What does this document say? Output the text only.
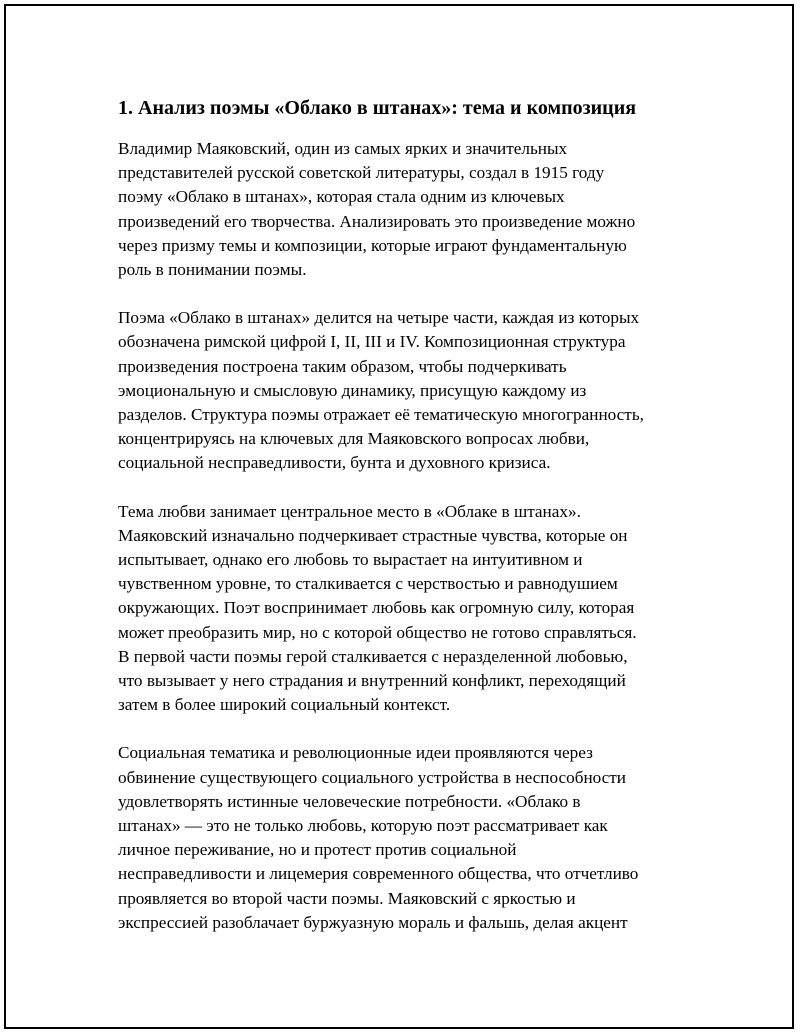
1. Анализ поэмы «Облако в штанах»: тема и композиция
Владимир Маяковский, один из самых ярких и значительных
представителей русской советской литературы, создал в 1915 году
поэму «Облако в штанах», которая стала одним из ключевых
произведений его творчества. Анализировать это произведение можно
через призму темы и композиции, которые играют фундаментальную
роль в понимании поэмы.
Поэма «Облако в штанах» делится на четыре части, каждая из которых
обозначена римской цифрой I, II, III и IV. Композиционная структура
произведения построена таким образом, чтобы подчеркивать
эмоциональную и смысловую динамику, присущую каждому из
разделов. Структура поэмы отражает её тематическую многогранность,
концентрируясь на ключевых для Маяковского вопросах любви,
социальной несправедливости, бунта и духовного кризиса.
Тема любви занимает центральное место в «Облаке в штанах».
Маяковский изначально подчеркивает страстные чувства, которые он
испытывает, однако его любовь то вырастает на интуитивном и
чувственном уровне, то сталкивается с черствостью и равнодушием
окружающих. Поэт воспринимает любовь как огромную силу, которая
может преобразить мир, но с которой общество не готово справляться.
В первой части поэмы герой сталкивается с неразделенной любовью,
что вызывает у него страдания и внутренний конфликт, переходящий
затем в более широкий социальный контекст.
Социальная тематика и революционные идеи проявляются через
обвинение существующего социального устройства в неспособности
удовлетворять истинные человеческие потребности. «Облако в
штанах» — это не только любовь, которую поэт рассматривает как
личное переживание, но и протест против социальной
несправедливости и лицемерия современного общества, что отчетливо
проявляется во второй части поэмы. Маяковский с яркостью и
экспрессией разоблачает буржуазную мораль и фальшь, делая акцент
